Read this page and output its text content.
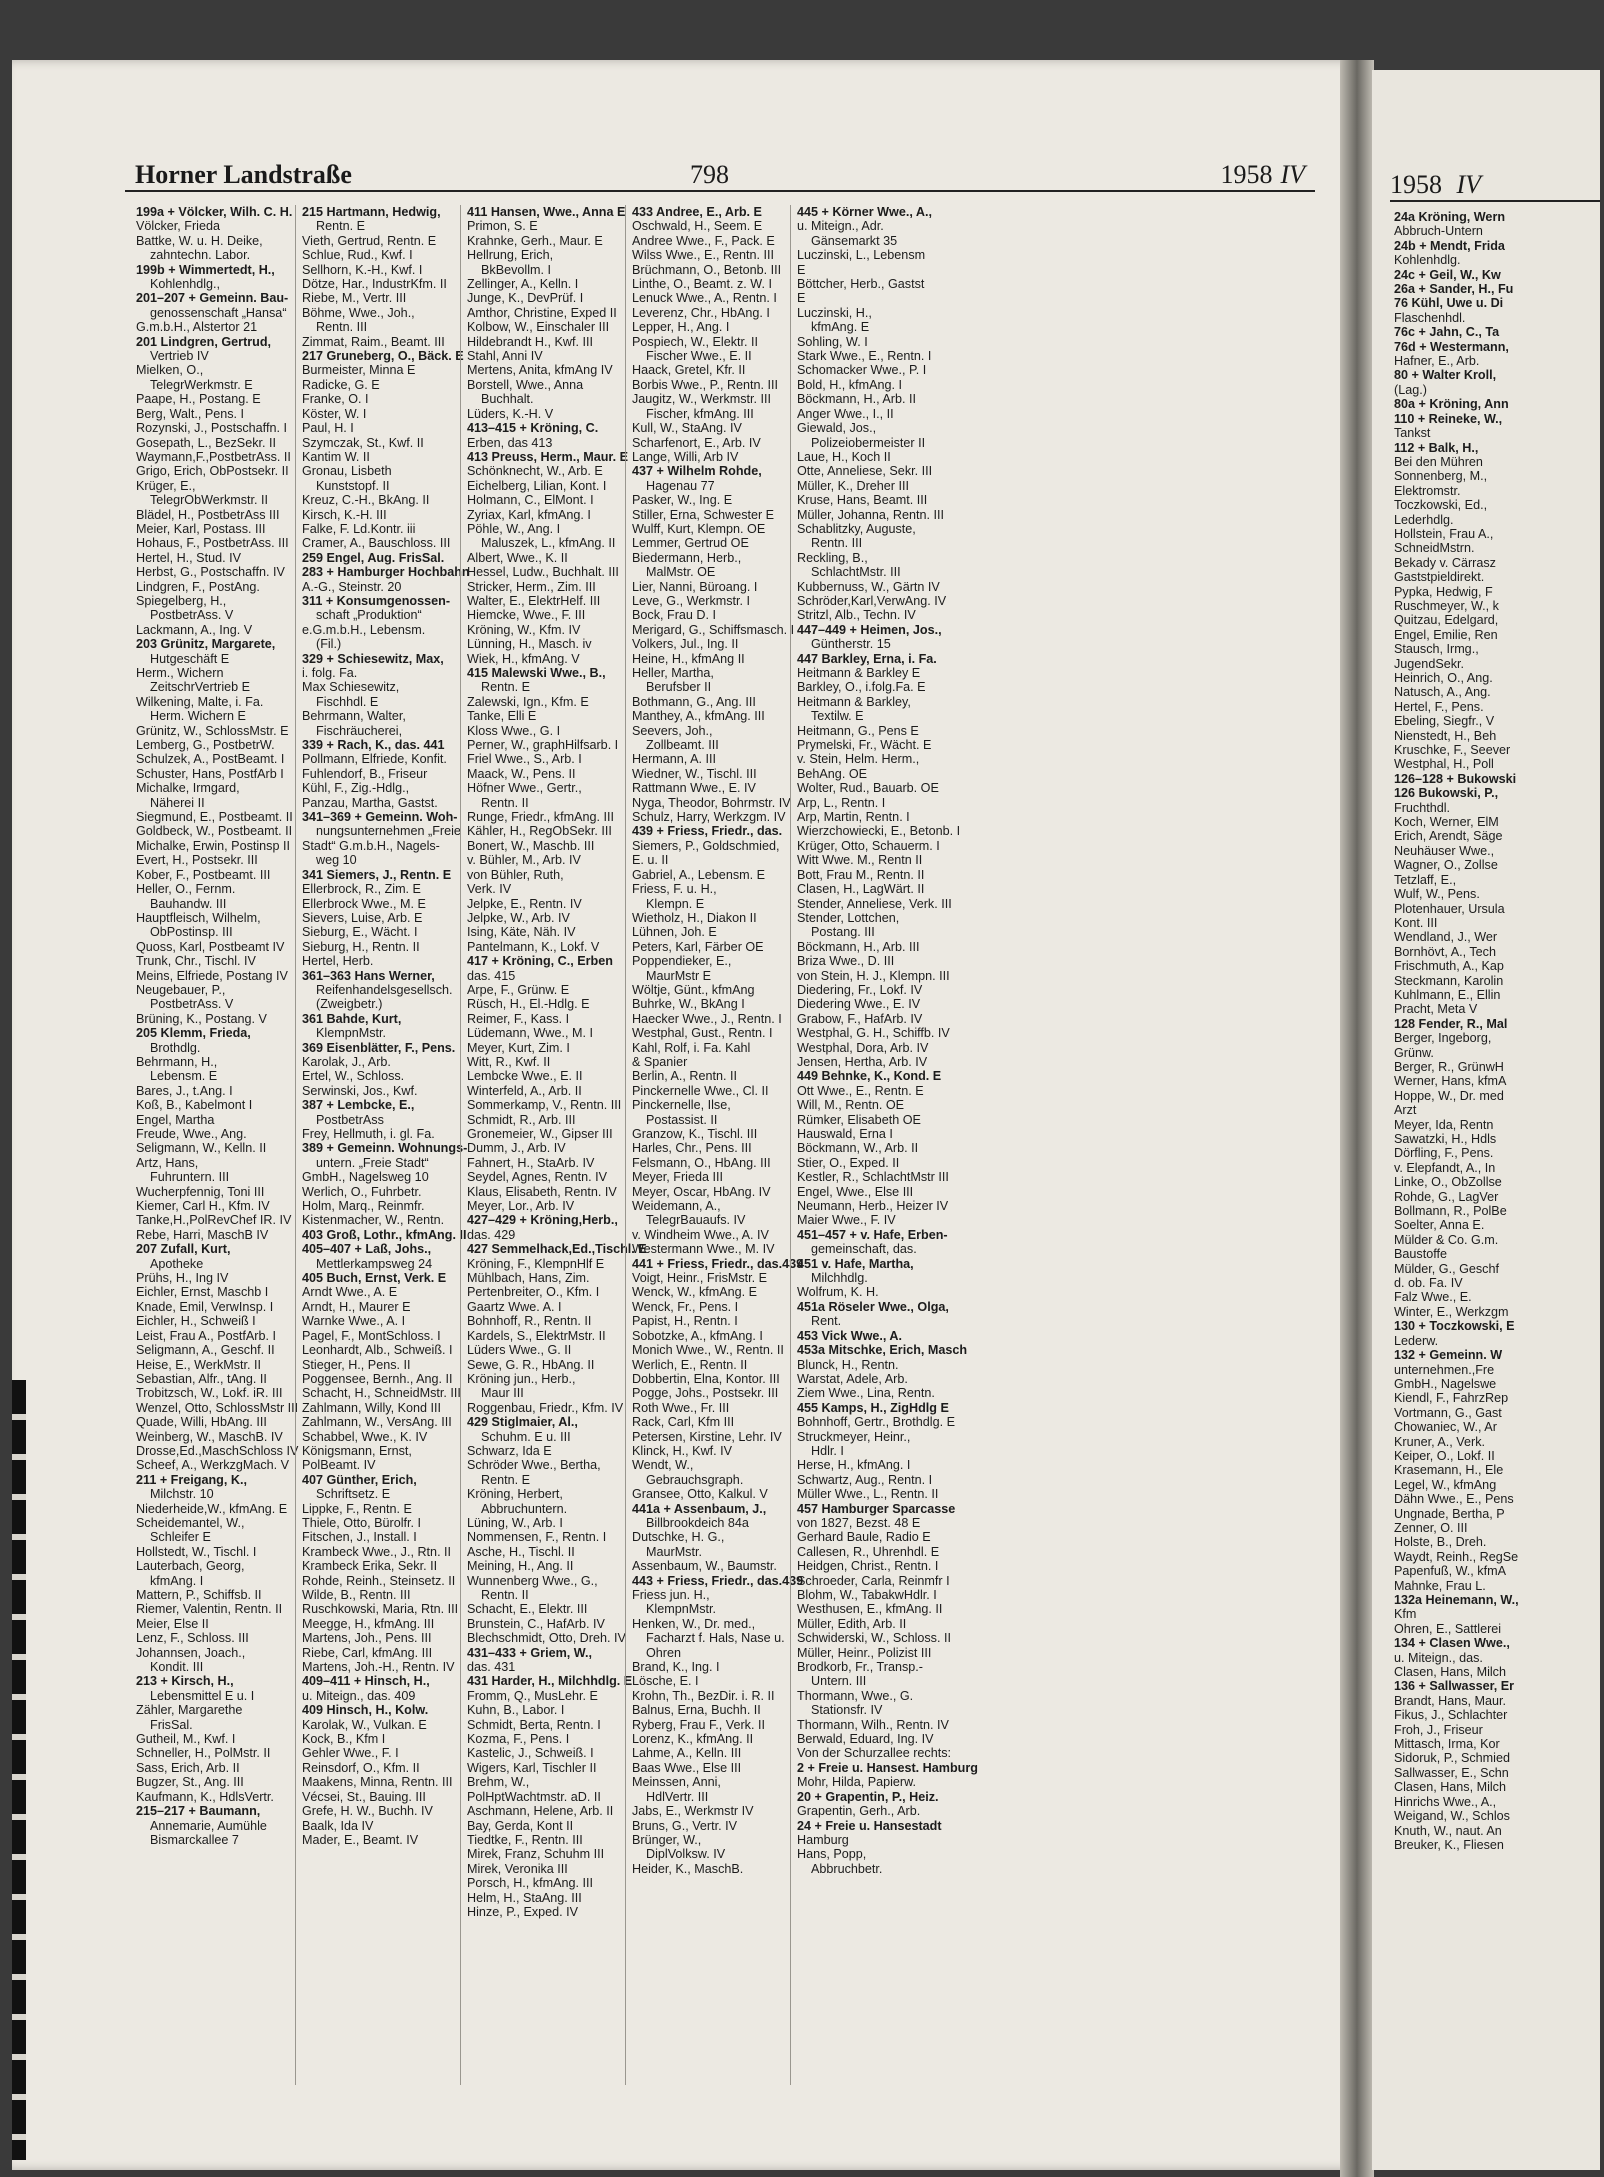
1958 IV
24a Kröning, Wern
Abbruch-Untern
24b + Mendt, Frida
Kohlenhdlg.
24c + Geil, W., Kw
26a + Sander, H., Fu
76 Kühl, Uwe u. Di
Flaschenhdl.
76c + Jahn, C., Ta
76d + Westermann,
Hafner, E., Arb.
80 + Walter Kroll,
(Lag.)
80a + Kröning, Ann
110 + Reineke, W.,
Tankst
112 + Balk, H.,
Bei den Mühren
Sonnenberg, M.,
Elektromstr.
Toczkowski, Ed.,
Lederhdlg.
Hollstein, Frau A.,
SchneidMstrn.
Bekady v. Cärrasz
Gaststpieldirekt.
Pypka, Hedwig, F
Ruschmeyer, W., k
Quitzau, Edelgard,
Engel, Emilie, Ren
Stausch, Irmg.,
JugendSekr.
Heinrich, O., Ang.
Natusch, A., Ang.
Hertel, F., Pens.
Ebeling, Siegfr., V
Nienstedt, H., Beh
Kruschke, F., Seever
Westphal, H., Poll
126–128 + Bukowski
126 Bukowski, P.,
Fruchthdl.
Koch, Werner, ElM
Erich, Arendt, Säge
Neuhäuser Wwe.,
Wagner, O., Zollse
Tetzlaff, E.,
Wulf, W., Pens.
Plotenhauer, Ursula
Kont. III
Wendland, J., Wer
Bornhövt, A., Tech
Frischmuth, A., Kap
Steckmann, Karolin
Kuhlmann, E., Ellin
Pracht, Meta V
128 Fender, R., Mal
Berger, Ingeborg,
Grünw.
Berger, R., GrünwH
Werner, Hans, kfmA
Hoppe, W., Dr. med
Arzt
Meyer, Ida, Rentn
Sawatzki, H., Hdls
Dörfling, F., Pens.
v. Elepfandt, A., In
Linke, O., ObZollse
Rohde, G., LagVer
Bollmann, R., PolBe
Soelter, Anna E.
Mülder & Co. G.m.
Baustoffe
Mülder, G., Geschf
d. ob. Fa. IV
Falz Wwe., E.
Winter, E., Werkzgm
130 + Toczkowski, E
Lederw.
132 + Gemeinn. W
unternehmen.,Fre
GmbH., Nagelswe
Kiendl, F., FahrzRep
Vortmann, G., Gast
Chowaniec, W., Ar
Kruner, A., Verk.
Keiper, O., Lokf. II
Krasemann, H., Ele
Legel, W., kfmAng
Dähn Wwe., E., Pens
Ungnade, Bertha, P
Zenner, O. III
Holste, B., Dreh.
Waydt, Reinh., RegSe
Papenfuß, W., kfmA
Mahnke, Frau L.
132a Heinemann, W.,
Kfm
Ohren, E., Sattlerei
134 + Clasen Wwe.,
u. Miteign., das.
Clasen, Hans, Milch
136 + Sallwasser, Er
Brandt, Hans, Maur.
Fikus, J., Schlachter
Froh, J., Friseur
Mittasch, Irma, Kor
Sidoruk, P., Schmied
Sallwasser, E., Schn
Clasen, Hans, Milch
Hinrichs Wwe., A.,
Weigand, W., Schlos
Knuth, W., naut. An
Breuker, K., Fliesen
Horner Landstraße	798	1958 IV
199a + Völcker, Wilh. C. H.
Völcker, Frieda
Battke, W. u. H. Deike,
zahntechn. Labor.
199b + Wimmertedt, H.,
Kohlenhdlg.,
201–207 + Gemeinn. Bau-
genossenschaft „Hansa“
G.m.b.H., Alstertor 21
201 Lindgren, Gertrud,
Vertrieb IV
Mielken, O.,
TelegrWerkmstr. E
Paape, H., Postang. E
Berg, Walt., Pens. I
Rozynski, J., Postschaffn. I
Gosepath, L., BezSekr. II
Waymann,F.,PostbetrAss. II
Grigo, Erich, ObPostsekr. II
Krüger, E.,
TelegrObWerkmstr. II
Blädel, H., PostbetrAss III
Meier, Karl, Postass. III
Hohaus, F., PostbetrAss. III
Hertel, H., Stud. IV
Herbst, G., Postschaffn. IV
Lindgren, F., PostAng.
Spiegelberg, H.,
PostbetrAss. V
Lackmann, A., Ing. V
203 Grünitz, Margarete,
Hutgeschäft E
Herm., Wichern
ZeitschrVertrieb E
Wilkening, Malte, i. Fa.
Herm. Wichern E
Grünitz, W., SchlossMstr. E
Lemberg, G., PostbetrW.
Schulzek, A., PostBeamt. I
Schuster, Hans, PostfArb I
Michalke, Irmgard,
Näherei II
Siegmund, E., Postbeamt. II
Goldbeck, W., Postbeamt. II
Michalke, Erwin, Postinsp II
Evert, H., Postsekr. III
Kober, F., Postbeamt. III
Heller, O., Fernm.
Bauhandw. III
Hauptfleisch, Wilhelm,
ObPostinsp. III
Quoss, Karl, Postbeamt IV
Trunk, Chr., Tischl. IV
Meins, Elfriede, Postang IV
Neugebauer, P.,
PostbetrAss. V
Brüning, K., Postang. V
205 Klemm, Frieda,
Brothdlg.
Behrmann, H.,
Lebensm. E
Bares, J., t.Ang. I
Koß, B., Kabelmont I
Engel, Martha
Freude, Wwe., Ang.
Seligmann, W., Kelln. II
Artz, Hans,
Fuhruntern. III
Wucherpfennig, Toni III
Kiemer, Carl H., Kfm. IV
Tanke,H.,PolRevChef IR. IV
Rebe, Harri, MaschB IV
207 Zufall, Kurt,
Apotheke
Prühs, H., Ing IV
Eichler, Ernst, Maschb I
Knade, Emil, VerwInsp. I
Eichler, H., Schweiß I
Leist, Frau A., PostfArb. I
Seligmann, A., Geschf. II
Heise, E., WerkMstr. II
Sebastian, Alfr., tAng. II
Trobitzsch, W., Lokf. iR. III
Wenzel, Otto, SchlossMstr III
Quade, Willi, HbAng. III
Weinberg, W., MaschB. IV
Drosse,Ed.,MaschSchloss IV
Scheef, A., WerkzgMach. V
211 + Freigang, K.,
Milchstr. 10
Niederheide,W., kfmAng. E
Scheidemantel, W.,
Schleifer E
Hollstedt, W., Tischl. I
Lauterbach, Georg,
kfmAng. I
Mattern, P., Schiffsb. II
Riemer, Valentin, Rentn. II
Meier, Else II
Lenz, F., Schloss. III
Johannsen, Joach.,
Kondit. III
213 + Kirsch, H.,
Lebensmittel E u. I
Zähler, Margarethe
FrisSal.
Gutheil, M., Kwf. I
Schneller, H., PolMstr. II
Sass, Erich, Arb. II
Bugzer, St., Ang. III
Kaufmann, K., HdlsVertr.
215–217 + Baumann,
Annemarie, Aumühle
Bismarckallee 7
215 Hartmann, Hedwig,
Rentn. E
Vieth, Gertrud, Rentn. E
Schlue, Rud., Kwf. I
Sellhorn, K.-H., Kwf. I
Dötze, Har., IndustrKfm. II
Riebe, M., Vertr. III
Böhme, Wwe., Joh.,
Rentn. III
Zimmat, Raim., Beamt. III
217 Gruneberg, O., Bäck. E
Burmeister, Minna E
Radicke, G. E
Franke, O. I
Köster, W. I
Paul, H. I
Szymczak, St., Kwf. II
Kantim W. II
Gronau, Lisbeth
Kunststopf. II
Kreuz, C.-H., BkAng. II
Kirsch, K.-H. III
Falke, F. Ld.Kontr. iii
Cramer, A., Bauschloss. III
259 Engel, Aug. FrisSal.
283 + Hamburger Hochbahn
A.-G., Steinstr. 20
311 + Konsumgenossen-
schaft „Produktion“
e.G.m.b.H., Lebensm.
(Fil.)
329 + Schiesewitz, Max,
i. folg. Fa.
Max Schiesewitz,
Fischhdl. E
Behrmann, Walter,
Fischräucherei,
339 + Rach, K., das. 441
Pollmann, Elfriede, Konfit.
Fuhlendorf, B., Friseur
Kühl, F., Zig.-Hdlg.,
Panzau, Martha, Gastst.
341–369 + Gemeinn. Woh-
nungsunternehmen „Freie
Stadt“ G.m.b.H., Nagels-
weg 10
341 Siemers, J., Rentn. E
Ellerbrock, R., Zim. E
Ellerbrock Wwe., M. E
Sievers, Luise, Arb. E
Sieburg, E., Wächt. I
Sieburg, H., Rentn. II
Hertel, Herb.
361–363 Hans Werner,
Reifenhandelsgesellsch.
(Zweigbetr.)
361 Bahde, Kurt,
KlempnMstr.
369 Eisenblätter, F., Pens.
Karolak, J., Arb.
Ertel, W., Schloss.
Serwinski, Jos., Kwf.
387 + Lembcke, E.,
PostbetrAss
Frey, Hellmuth, i. gl. Fa.
389 + Gemeinn. Wohnungs-
untern. „Freie Stadt“
GmbH., Nagelsweg 10
Werlich, O., Fuhrbetr.
Holm, Marq., Reinmfr.
Kistenmacher, W., Rentn.
403 Groß, Lothr., kfmAng. II
405–407 + Laß, Johs.,
Mettlerkampsweg 24
405 Buch, Ernst, Verk. E
Arndt Wwe., A. E
Arndt, H., Maurer E
Warnke Wwe., A. I
Pagel, F., MontSchloss. I
Leonhardt, Alb., Schweiß. I
Stieger, H., Pens. II
Poggensee, Bernh., Ang. II
Schacht, H., SchneidMstr. III
Zahlmann, Willy, Kond III
Zahlmann, W., VersAng. III
Schabbel, Wwe., K. IV
Königsmann, Ernst,
PolBeamt. IV
407 Günther, Erich,
Schriftsetz. E
Lippke, F., Rentn. E
Thiele, Otto, Bürolfr. I
Fitschen, J., Install. I
Krambeck Wwe., J., Rtn. II
Krambeck Erika, Sekr. II
Rohde, Reinh., Steinsetz. II
Wilde, B., Rentn. III
Ruschkowski, Maria, Rtn. III
Meegge, H., kfmAng. III
Martens, Joh., Pens. III
Riebe, Carl, kfmAng. III
Martens, Joh.-H., Rentn. IV
409–411 + Hinsch, H.,
u. Miteign., das. 409
409 Hinsch, H., Kolw.
Karolak, W., Vulkan. E
Kock, B., Kfm I
Gehler Wwe., F. I
Reinsdorf, O., Kfm. II
Maakens, Minna, Rentn. III
Vécsei, St., Bauing. III
Grefe, H. W., Buchh. IV
Baalk, Ida IV
Mader, E., Beamt. IV
411 Hansen, Wwe., Anna E
Primon, S. E
Krahnke, Gerh., Maur. E
Hellrung, Erich,
BkBevollm. I
Zellinger, A., Kelln. I
Junge, K., DevPrüf. I
Amthor, Christine, Exped II
Kolbow, W., Einschaler III
Hildebrandt H., Kwf. III
Stahl, Anni IV
Mertens, Anita, kfmAng IV
Borstell, Wwe., Anna
Buchhalt.
Lüders, K.-H. V
413–415 + Kröning, C.
Erben, das 413
413 Preuss, Herm., Maur. E
Schönknecht, W., Arb. E
Eichelberg, Lilian, Kont. I
Holmann, C., ElMont. I
Zyriax, Karl, kfmAng. I
Pöhle, W., Ang. I
Maluszek, L., kfmAng. II
Albert, Wwe., K. II
Hessel, Ludw., Buchhalt. III
Stricker, Herm., Zim. III
Walter, E., ElektrHelf. III
Hiemcke, Wwe., F. III
Kröning, W., Kfm. IV
Lünning, H., Masch. iv
Wiek, H., kfmAng. V
415 Malewski Wwe., B.,
Rentn. E
Zalewski, Ign., Kfm. E
Tanke, Elli E
Kloss Wwe., G. I
Perner, W., graphHilfsarb. I
Friel Wwe., S., Arb. I
Maack, W., Pens. II
Höfner Wwe., Gertr.,
Rentn. II
Runge, Friedr., kfmAng. III
Kähler, H., RegObSekr. III
Bonert, W., Maschb. III
v. Bühler, M., Arb. IV
von Bühler, Ruth,
Verk. IV
Jelpke, E., Rentn. IV
Jelpke, W., Arb. IV
Ising, Käte, Näh. IV
Pantelmann, K., Lokf. V
417 + Kröning, C., Erben
das. 415
Arpe, F., Grünw. E
Rüsch, H., El.-Hdlg. E
Reimer, F., Kass. I
Lüdemann, Wwe., M. I
Meyer, Kurt, Zim. I
Witt, R., Kwf. II
Lembcke Wwe., E. II
Winterfeld, A., Arb. II
Sommerkamp, V., Rentn. III
Schmidt, R., Arb. III
Gronemeier, W., Gipser III
Dumm, J., Arb. IV
Fahnert, H., StaArb. IV
Seydel, Agnes, Rentn. IV
Klaus, Elisabeth, Rentn. IV
Meyer, Lor., Arb. IV
427–429 + Kröning,Herb.,
das. 429
427 Semmelhack,Ed.,Tischl. E
Kröning, F., KlempnHlf E
Mühlbach, Hans, Zim.
Pertenbreiter, O., Kfm. I
Gaartz Wwe. A. I
Bohnhoff, R., Rentn. II
Kardels, S., ElektrMstr. II
Lüders Wwe., G. II
Sewe, G. R., HbAng. II
Kröning jun., Herb.,
Maur III
Roggenbau, Friedr., Kfm. IV
429 Stiglmaier, Al.,
Schuhm. E u. III
Schwarz, Ida E
Schröder Wwe., Bertha,
Rentn. E
Kröning, Herbert,
Abbruchuntern.
Lüning, W., Arb. I
Nommensen, F., Rentn. I
Asche, H., Tischl. II
Meining, H., Ang. II
Wunnenberg Wwe., G.,
Rentn. II
Schacht, E., Elektr. III
Brunstein, C., HafArb. IV
Blechschmidt, Otto, Dreh. IV
431–433 + Griem, W.,
das. 431
431 Harder, H., Milchhdlg. E
Fromm, Q., MusLehr. E
Kuhn, B., Labor. I
Schmidt, Berta, Rentn. I
Kozma, F., Pens. I
Kastelic, J., Schweiß. I
Wigers, Karl, Tischler II
Brehm, W.,
PolHptWachtmstr. aD. II
Aschmann, Helene, Arb. II
Bay, Gerda, Kont II
Tiedtke, F., Rentn. III
Mirek, Franz, Schuhm III
Mirek, Veronika III
Porsch, H., kfmAng. III
Helm, H., StaAng. III
Hinze, P., Exped. IV
433 Andree, E., Arb. E
Oschwald, H., Seem. E
Andree Wwe., F., Pack. E
Wilss Wwe., E., Rentn. III
Brüchmann, O., Betonb. III
Linthe, O., Beamt. z. W. I
Lenuck Wwe., A., Rentn. I
Leverenz, Chr., HbAng. I
Lepper, H., Ang. I
Pospiech, W., Elektr. II
Fischer Wwe., E. II
Haack, Gretel, Kfr. II
Borbis Wwe., P., Rentn. III
Jaugitz, W., Werkmstr. III
Fischer, kfmAng. III
Kull, W., StaAng. IV
Scharfenort, E., Arb. IV
Lange, Willi, Arb IV
437 + Wilhelm Rohde,
Hagenau 77
Pasker, W., Ing. E
Stiller, Erna, Schwester E
Wulff, Kurt, Klempn. OE
Lemmer, Gertrud OE
Biedermann, Herb.,
MalMstr. OE
Lier, Nanni, Büroang. I
Leve, G., Werkmstr. I
Bock, Frau D. I
Merigard, G., Schiffsmasch. I
Volkers, Jul., Ing. II
Heine, H., kfmAng II
Heller, Martha,
Berufsber II
Bothmann, G., Ang. III
Manthey, A., kfmAng. III
Seevers, Joh.,
Zollbeamt. III
Hermann, A. III
Wiedner, W., Tischl. III
Rattmann Wwe., E. IV
Nyga, Theodor, Bohrmstr. IV
Schulz, Harry, Werkzgm. IV
439 + Friess, Friedr., das.
Siemers, P., Goldschmied,
E. u. II
Gabriel, A., Lebensm. E
Friess, F. u. H.,
Klempn. E
Wietholz, H., Diakon II
Lühnen, Joh. E
Peters, Karl, Färber OE
Poppendieker, E.,
MaurMstr E
Wöltje, Günt., kfmAng
Buhrke, W., BkAng I
Haecker Wwe., J., Rentn. I
Westphal, Gust., Rentn. I
Kahl, Rolf, i. Fa. Kahl
& Spanier
Berlin, A., Rentn. II
Pinckernelle Wwe., Cl. II
Pinckernelle, Ilse,
Postassist. II
Granzow, K., Tischl. III
Harles, Chr., Pens. III
Felsmann, O., HbAng. III
Meyer, Frieda III
Meyer, Oscar, HbAng. IV
Weidemann, A.,
TelegrBauaufs. IV
v. Windheim Wwe., A. IV
Westermann Wwe., M. IV
441 + Friess, Friedr., das.439
Voigt, Heinr., FrisMstr. E
Wenck, W., kfmAng. E
Wenck, Fr., Pens. I
Papist, H., Rentn. I
Sobotzke, A., kfmAng. I
Monich Wwe., W., Rentn. II
Werlich, E., Rentn. II
Dobbertin, Elna, Kontor. III
Pogge, Johs., Postsekr. III
Roth Wwe., Fr. III
Rack, Carl, Kfm III
Petersen, Kirstine, Lehr. IV
Klinck, H., Kwf. IV
Wendt, W.,
Gebrauchsgraph.
Gransee, Otto, Kalkul. V
441a + Assenbaum, J.,
Billbrookdeich 84a
Dutschke, H. G.,
MaurMstr.
Assenbaum, W., Baumstr.
443 + Friess, Friedr., das.439
Friess jun. H.,
KlempnMstr.
Henken, W., Dr. med.,
Facharzt f. Hals, Nase u.
Ohren
Brand, K., Ing. I
Lösche, E. I
Krohn, Th., BezDir. i. R. II
Balnus, Erna, Buchh. II
Ryberg, Frau F., Verk. II
Lorenz, K., kfmAng. II
Lahme, A., Kelln. III
Baas Wwe., Else III
Meinssen, Anni,
HdlVertr. III
Jabs, E., Werkmstr IV
Bruns, G., Vertr. IV
Brünger, W.,
DiplVolksw. IV
Heider, K., MaschB.
445 + Körner Wwe., A.,
u. Miteign., Adr.
Gänsemarkt 35
Luczinski, L., Lebensm
E
Böttcher, Herb., Gastst
E
Luczinski, H.,
kfmAng. E
Sohling, W. I
Stark Wwe., E., Rentn. I
Schomacker Wwe., P. I
Bold, H., kfmAng. I
Böckmann, H., Arb. II
Anger Wwe., I., II
Giewald, Jos.,
Polizeiobermeister II
Laue, H., Koch II
Otte, Anneliese, Sekr. III
Müller, K., Dreher III
Kruse, Hans, Beamt. III
Müller, Johanna, Rentn. III
Schablitzky, Auguste,
Rentn. III
Reckling, B.,
SchlachtMstr. III
Kubbernuss, W., Gärtn IV
Schröder,Karl,VerwAng. IV
Stritzl, Alb., Techn. IV
447–449 + Heimen, Jos.,
Güntherstr. 15
447 Barkley, Erna, i. Fa.
Heitmann & Barkley E
Barkley, O., i.folg.Fa. E
Heitmann & Barkley,
Textilw. E
Heitmann, G., Pens E
Prymelski, Fr., Wächt. E
v. Stein, Helm. Herm.,
BehAng. OE
Wolter, Rud., Bauarb. OE
Arp, L., Rentn. I
Arp, Martin, Rentn. I
Wierzchowiecki, E., Betonb. I
Krüger, Otto, Schauerm. I
Witt Wwe. M., Rentn II
Bott, Frau M., Rentn. II
Clasen, H., LagWärt. II
Stender, Anneliese, Verk. III
Stender, Lottchen,
Postang. III
Böckmann, H., Arb. III
Briza Wwe., D. III
von Stein, H. J., Klempn. III
Diedering, Fr., Lokf. IV
Diedering Wwe., E. IV
Grabow, F., HafArb. IV
Westphal, G. H., Schiffb. IV
Westphal, Dora, Arb. IV
Jensen, Hertha, Arb. IV
449 Behnke, K., Kond. E
Ott Wwe., E., Rentn. E
Will, M., Rentn. OE
Rümker, Elisabeth OE
Hauswald, Erna I
Böckmann, W., Arb. II
Stier, O., Exped. II
Kestler, R., SchlachtMstr III
Engel, Wwe., Else III
Neumann, Herb., Heizer IV
Maier Wwe., F. IV
451–457 + v. Hafe, Erben-
gemeinschaft, das.
451 v. Hafe, Martha,
Milchhdlg.
Wolfrum, K. H.
451a Röseler Wwe., Olga,
Rent.
453 Vick Wwe., A.
453a Mitschke, Erich, Masch
Blunck, H., Rentn.
Warstat, Adele, Arb.
Ziem Wwe., Lina, Rentn.
455 Kamps, H., ZigHdlg E
Bohnhoff, Gertr., Brothdlg. E
Struckmeyer, Heinr.,
Hdlr. I
Herse, H., kfmAng. I
Schwartz, Aug., Rentn. I
Müller Wwe., L., Rentn. II
457 Hamburger Sparcasse
von 1827, Bezst. 48 E
Gerhard Baule, Radio E
Callesen, R., Uhrenhdl. E
Heidgen, Christ., Rentn. I
Schroeder, Carla, Reinmfr I
Blohm, W., TabakwHdlr. I
Westhusen, E., kfmAng. II
Müller, Edith, Arb. II
Schwiderski, W., Schloss. II
Müller, Heinr., Polizist III
Brodkorb, Fr., Transp.-
Untern. III
Thormann, Wwe., G.
Stationsfr. IV
Thormann, Wilh., Rentn. IV
Berwald, Eduard, Ing. IV
Von der Schurzallee rechts:
2 + Freie u. Hansest. Hamburg
Mohr, Hilda, Papierw.
20 + Grapentin, P., Heiz.
Grapentin, Gerh., Arb.
24 + Freie u. Hansestadt
Hamburg
Hans, Popp,
Abbruchbetr.
